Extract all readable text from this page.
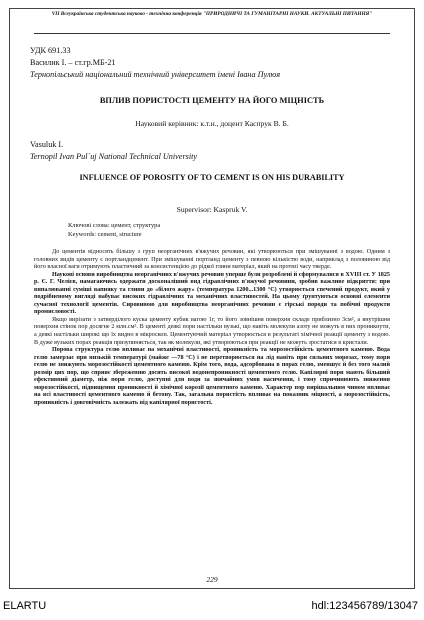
VII Всеукраїнська студентська науково - технічна конференція "ПРИРОДНИЧІ ТА ГУМАНІТАРНІ НАУКИ. АКТУАЛЬНІ ПИТАННЯ"
УДК 691.33
Василик І. – ст.гр.МБ-21
Тернопільський національний технічний університет імені Івана Пулюя
ВПЛИВ ПОРИСТОСТІ ЦЕМЕНТУ НА ЙОГО МІЦНІСТЬ
Науковий керівник: к.т.н., доцент Каспрук В. Б.
Vasuluk I.
Ternopil Ivan Pul`uj National Technical University
INFLUENCE OF POROSITY OF TO CEMENT IS ON HIS DURABILITY
Supervisor: Kaspruk V.
Ключові слова: цемент, структура
Keywords: cement, structure

До цементів відносять більшу з груп неорганічних в'яжучих речовин, які утворюються при змішуванні з водою. Одним з головних видів цементу є портландцемент. При змішуванні портланд цементу з певною кількістю води, наприклад з половиною від його власної ваги отримують пластичний за консистенцією до рідкої глини матеріал, який на протязі часу тверде.

Наукові основи виробництва неорганічних в'яжучих речовин уперше були розроблені й сформувалися в ХVІІІ ст. У 1825 р. Є. Г. Челієв, намагаючись одержати досконаліший вид гідравлічних в'яжучої речовини, зробив важливе відкриття: при випалюванні суміші вапняку та глини до «білого жару» (температура 1200...1300 °С) утворюється спечений продукт, який у подрібненому вигляді набуває високих гідравлічних та механічних властивостей. На цьому ґрунтуються основні елементи сучасної технології цементів. Сировиною для виробництва неорганічних речовин є гірські породи та побічні продукти промисловості.

Якщо вирізати з затверділого куска цементу кубик вагою 1г, то його зовнішня поверхня складе приблизно 3см², а внутрішня поверхня стінок пор досягне 2 млн.см². В цементі деякі пори настільки вузькі, що навіть молекули азоту не можуть в них проникнути, а деякі настільки широкі що їх видно в мікроскоп. Цементуючий матеріал утворюється в результаті хімічної реакції цементу з водою. В дуже вузьких порах реакція призупиняється, так як молекули, які утворюються при реакції не можуть зростатися в кристали.

Порова структура гелю впливає на механічні властивості, проникність та морозостійкість цементного каменю. Вода гелю замерзає при низькій температурі (майже —78 °С) і не перетворюється на лід навіть при сильних морозах, тому пори гелю не знижують морозостійкості цементного каменю. Крім того, вода, адсорбована в порах гелю, зменшує й без того малий розмір цих пор, що сприяє збереженню досить високої водонепроникності цементного гелю. Капілярні пори мають більший ефективний діаметр, ніж пори гелю, доступні для води за звичайних умов насичення, і тому спричинюють зниження морозостійкості, підвищення проникності й хімічної корозії цементного каменю. Характер пор вирішальним чином впливає на всі властивості цементного каменю й бетону. Так, загальна пористість впливає на показник міцності, а морозостійкість, проникність і довговічність залежать від капілярної пористості.

229
ELARTU	hdl:123456789/13047
